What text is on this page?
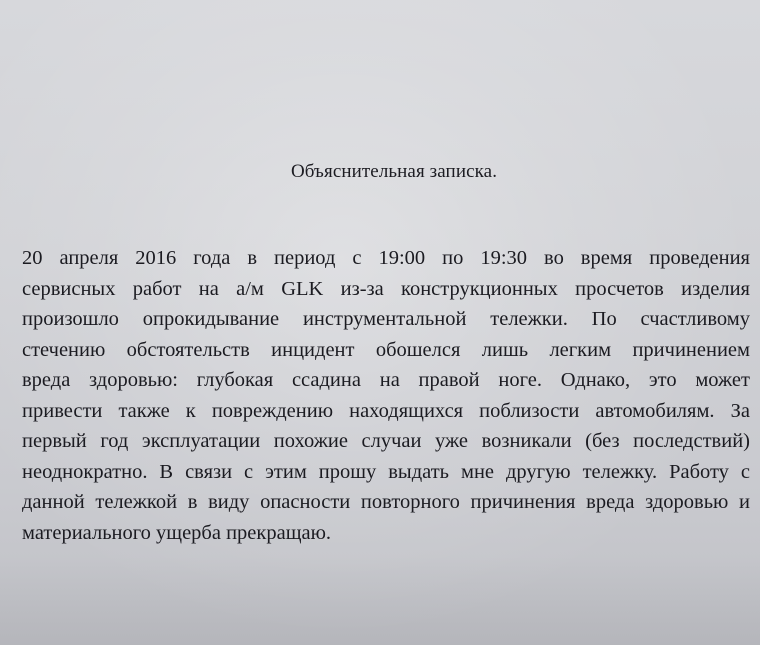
Объяснительная записка.
20 апреля 2016 года в период с 19:00 по 19:30 во время проведения
сервисных работ на а/м GLK из-за конструкционных просчетов изделия
произошло опрокидывание инструментальной тележки. По счастливому
стечению обстоятельств инцидент обошелся лишь легким причинением
вреда здоровью: глубокая ссадина на правой ноге. Однако, это может
привести также к повреждению находящихся поблизости автомобилям. За
первый год эксплуатации похожие случаи уже возникали (без последствий)
неоднократно. В связи с этим прошу выдать мне другую тележку. Работу с
данной тележкой в виду опасности повторного причинения вреда здоровью и
материального ущерба прекращаю.
